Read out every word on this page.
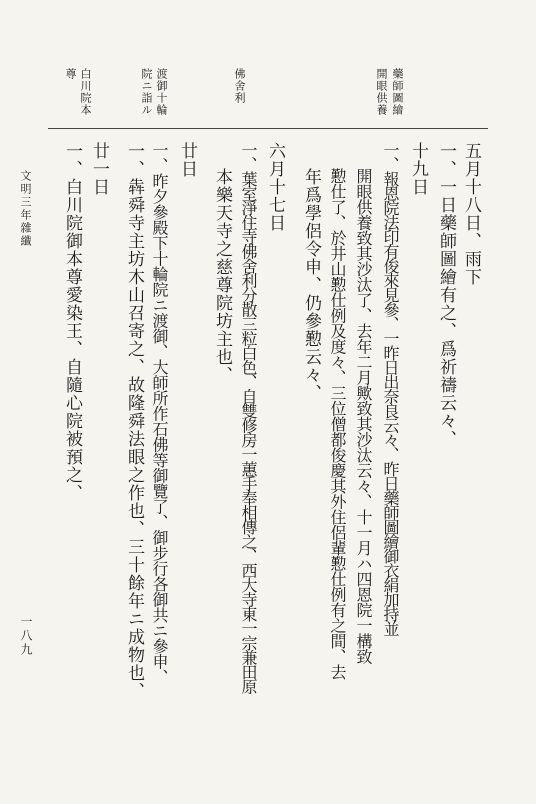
藥師圖繪
開眼供養
佛舍利
渡御十輪
院ニ詣ル
白川院本
尊
五月十八日、雨下
一、一日藥師圖繪有之、爲祈禱云々、
十九日
一、報恩院法印有俊來見參、一昨日出奈良云々、昨日藥師圖繪御衣絹加持並
開眼供養致其沙汰了、去年二月歟致其沙汰云々、十一月ハ四恩院一構致
懃仕了、於井山懃仕例及度々、三位僧都俊慶其外住侶輩懃仕例有之間、去
年爲學侶令申、仍參懃云々、
六月十七日
一、葉室淨住寺佛舍利分散三粒白色、自雙修房一蕙手奉相傳之、西大寺東一宗兼田原
本樂天寺之慈尊院坊主也、
廿日
一、昨夕參殿下十輪院ニ渡御、大師所作石佛等御覽了、御步行各御共ニ參申、
一、犇舜寺主坊木山召寄之、故隆舜法眼之作也、三十餘年ニ成物也、
廿一日
一、白川院御本尊愛染王、自隨心院被預之、
文明三年雜纖
一八九
